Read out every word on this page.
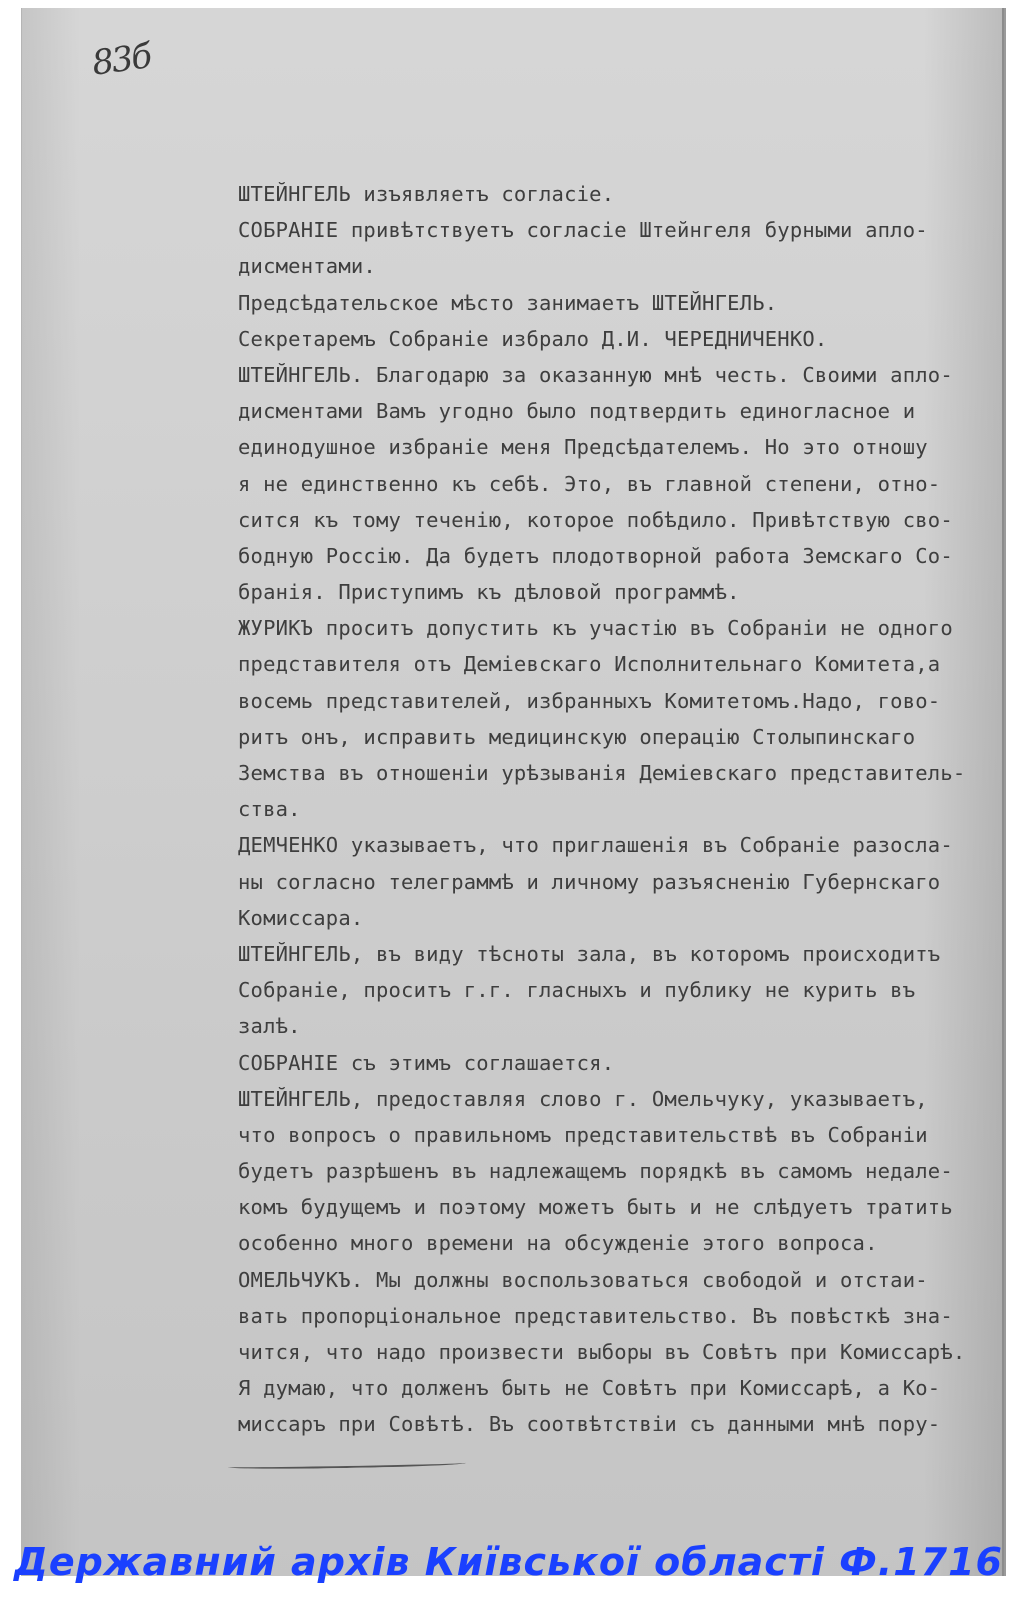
83б
ШТЕЙНГЕЛЬ изъявляетъ согласіе.
СОБРАНІЕ привѣтствуетъ согласіе Штейнгеля бурными апло-
дисментами.
Предсѣдательское мѣсто занимаетъ ШТЕЙНГЕЛЬ.
Секретаремъ Собраніе избрало Д.И. ЧЕРЕДНИЧЕНКО.
ШТЕЙНГЕЛЬ. Благодарю за оказанную мнѣ честь. Своими апло-
дисментами Вамъ угодно было подтвердить единогласное и
единодушное избраніе меня Предсѣдателемъ. Но это отношу
я не единственно къ себѣ. Это, въ главной степени, отно-
сится къ тому теченію, которое побѣдило. Привѣтствую сво-
бодную Россію. Да будетъ плодотворной работа Земскаго Со-
бранія. Приступимъ къ дѣловой программѣ.
ЖУРИКЪ проситъ допустить къ участію въ Собраніи не одного
представителя отъ Деміевскаго Исполнительнаго Комитета,а
восемь представителей, избранныхъ Комитетомъ.Надо, гово-
ритъ онъ, исправить медицинскую операцію Столыпинскаго
Земства въ отношеніи урѣзыванія Деміевскаго представитель-
ства.
ДЕМЧЕНКО указываетъ, что приглашенія въ Собраніе разосла-
ны согласно телеграммѣ и личному разъясненію Губернскаго
Комиссара.
ШТЕЙНГЕЛЬ, въ виду тѣсноты зала, въ которомъ происходитъ
Собраніе, проситъ г.г. гласныхъ и публику не курить въ
залѣ.
СОБРАНІЕ съ этимъ соглашается.
ШТЕЙНГЕЛЬ, предоставляя слово г. Омельчуку, указываетъ,
что вопросъ о правильномъ представительствѣ въ Собраніи
будетъ разрѣшенъ въ надлежащемъ порядкѣ въ самомъ недале-
комъ будущемъ и поэтому можетъ быть и не слѣдуетъ тратить
особенно много времени на обсужденіе этого вопроса.
ОМЕЛЬЧУКЪ. Мы должны воспользоваться свободой и отстаи-
вать пропорціональное представительство. Въ повѣсткѣ зна-
чится, что надо произвести выборы въ Совѣтъ при Комиссарѣ.
Я думаю, что долженъ быть не Совѣтъ при Комиссарѣ, а Ко-
миссаръ при Совѣтѣ. Въ соотвѣтствіи съ данными мнѣ пору-
Державний архів Київської області Ф.1716
